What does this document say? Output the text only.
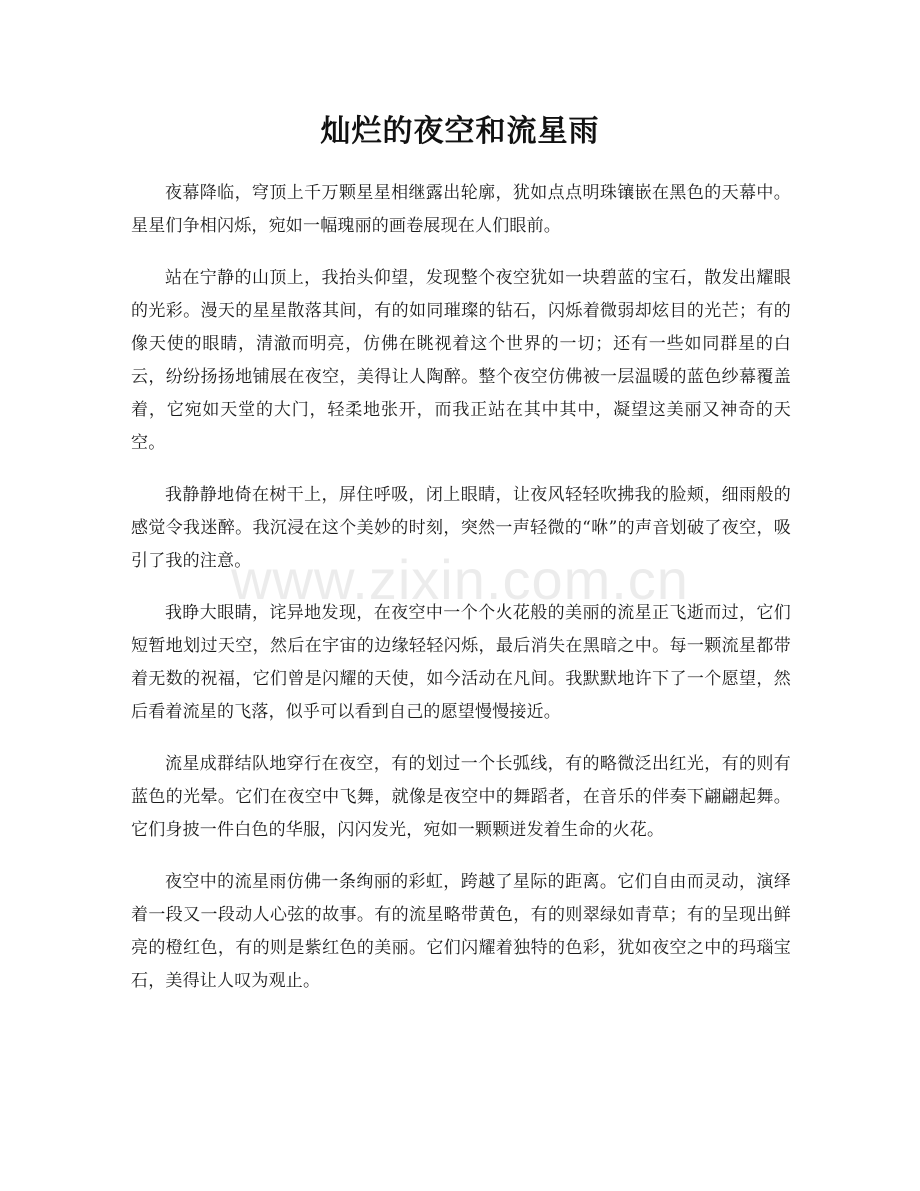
灿烂的夜空和流星雨

夜幕降临，穹顶上千万颗星星相继露出轮廓，犹如点点明珠镶嵌在黑色的天幕中。星星们争相闪烁，宛如一幅瑰丽的画卷展现在人们眼前。

站在宁静的山顶上，我抬头仰望，发现整个夜空犹如一块碧蓝的宝石，散发出耀眼的光彩。漫天的星星散落其间，有的如同璀璨的钻石，闪烁着微弱却炫目的光芒；有的像天使的眼睛，清澈而明亮，仿佛在眺视着这个世界的一切；还有一些如同群星的白云，纷纷扬扬地铺展在夜空，美得让人陶醉。整个夜空仿佛被一层温暖的蓝色纱幕覆盖着，它宛如天堂的大门，轻柔地张开，而我正站在其中其中，凝望这美丽又神奇的天空。

我静静地倚在树干上，屏住呼吸，闭上眼睛，让夜风轻轻吹拂我的脸颊，细雨般的感觉令我迷醉。我沉浸在这个美妙的时刻，突然一声轻微的“咻”的声音划破了夜空，吸引了我的注意。

我睁大眼睛，诧异地发现，在夜空中一个个火花般的美丽的流星正飞逝而过，它们短暂地划过天空，然后在宇宙的边缘轻轻闪烁，最后消失在黑暗之中。每一颗流星都带着无数的祝福，它们曾是闪耀的天使，如今活动在凡间。我默默地许下了一个愿望，然后看着流星的飞落，似乎可以看到自己的愿望慢慢接近。

流星成群结队地穿行在夜空，有的划过一个长弧线，有的略微泛出红光，有的则有蓝色的光晕。它们在夜空中飞舞，就像是夜空中的舞蹈者，在音乐的伴奏下翩翩起舞。它们身披一件白色的华服，闪闪发光，宛如一颗颗迸发着生命的火花。

夜空中的流星雨仿佛一条绚丽的彩虹，跨越了星际的距离。它们自由而灵动，演绎着一段又一段动人心弦的故事。有的流星略带黄色，有的则翠绿如青草；有的呈现出鲜亮的橙红色，有的则是紫红色的美丽。它们闪耀着独特的色彩，犹如夜空之中的玛瑙宝石，美得让人叹为观止。

www.zixin.com.cn
